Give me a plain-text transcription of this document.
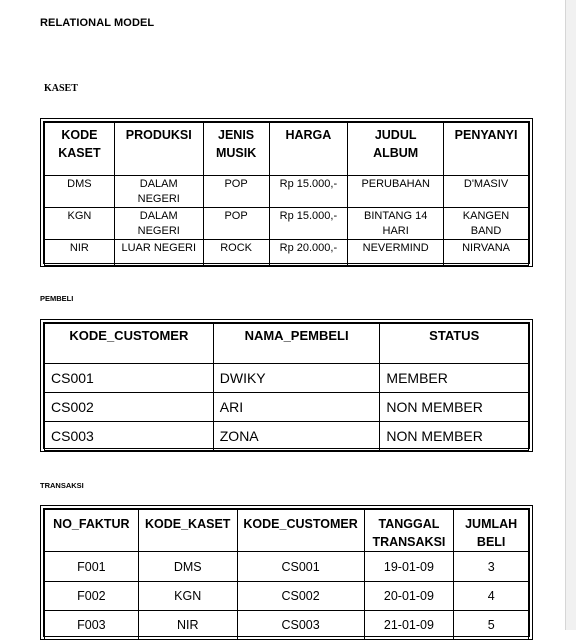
RELATIONAL MODEL
KASET
KODE KASET	PRODUKSI	JENIS MUSIK	HARGA	JUDUL ALBUM	PENYANYI
DMS	DALAM NEGERI	POP	Rp 15.000,-	PERUBAHAN	D'MASIV
KGN	DALAM NEGERI	POP	Rp 15.000,-	BINTANG 14 HARI	KANGEN BAND
NIR	LUAR NEGERI	ROCK	Rp 20.000,-	NEVERMIND	NIRVANA
PEMBELI
KODE_CUSTOMER	NAMA_PEMBELI	STATUS
CS001	DWIKY	MEMBER
CS002	ARI	NON MEMBER
CS003	ZONA	NON MEMBER
TRANSAKSI
NO_FAKTUR	KODE_KASET	KODE_CUSTOMER	TANGGAL TRANSAKSI	JUMLAH BELI
F001	DMS	CS001	19-01-09	3
F002	KGN	CS002	20-01-09	4
F003	NIR	CS003	21-01-09	5
